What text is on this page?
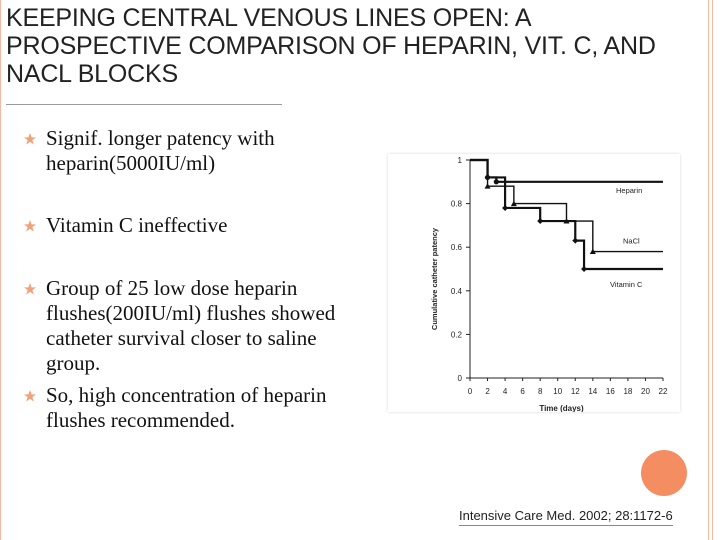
KEEPING CENTRAL VENOUS LINES OPEN: A PROSPECTIVE COMPARISON OF HEPARIN, VIT. C, AND NACL BLOCKS
Signif. longer patency with heparin(5000IU/ml)
Vitamin C ineffective
Group of 25 low dose heparin flushes(200IU/ml) flushes showed catheter survival closer to saline group.
So, high concentration of heparin flushes recommended.
0
0.2
0.4
0.6
0.8
1
0 2 4 6 8 10 12 14 16 18 20 22
Time (days)
Cumulative catheter patency
Heparin
NaCl
Vitamin C
Intensive Care Med. 2002; 28:1172-6
